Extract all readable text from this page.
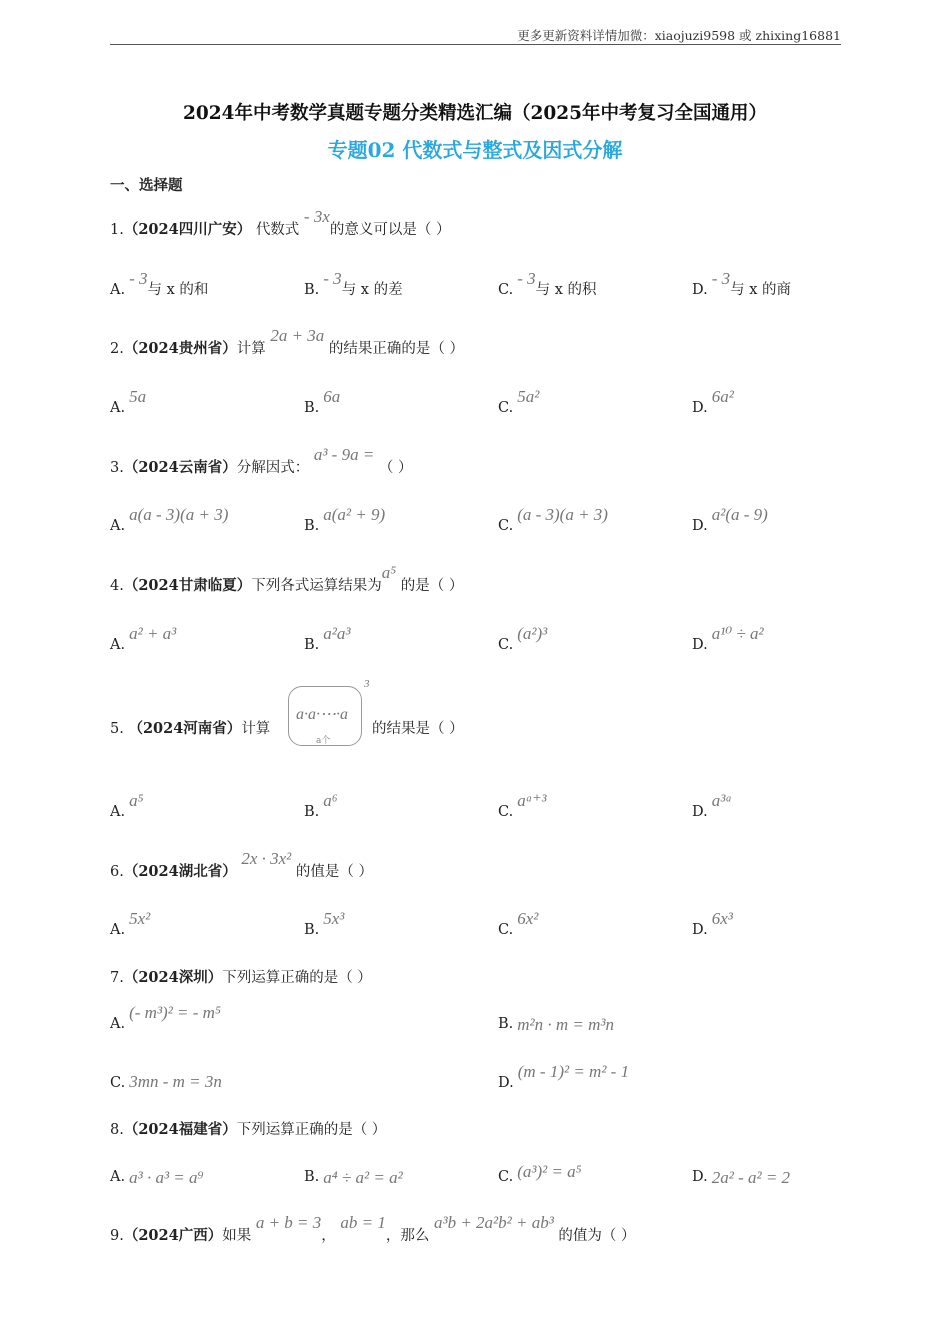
更多更新资料详情加微：xiaojuzi9598 或 zhixing16881
2024年中考数学真题专题分类精选汇编（2025年中考复习全国通用）
专题02 代数式与整式及因式分解
一、选择题
1.（2024四川广安） 代数式 - 3x的意义可以是（ ）
A.- 3与 x 的和	B.- 3与 x 的差	C.- 3与 x 的积	D.- 3与 x 的商
2.（2024贵州省）计算 2a + 3a 的结果正确的是（ ）
A.5a
B.6a
C.5a²
D.6a²
3.（2024云南省）分解因式： a³ - 9a = （ ）
A.a(a - 3)(a + 3)
B.a(a² + 9)
C.(a - 3)(a + 3)
D.a²(a - 9)
4.（2024甘肃临夏）下列各式运算结果为a⁵ 的是（ ）
A.a² + a³
B.a²a³
C.(a²)³
D.a¹⁰ ÷ a²
5. （2024河南省）计算
a·a·⋯·a
a个
3
的结果是（ ）
A.a⁵
B.a⁶
C.aᵃ⁺³
D.a³ᵃ
6.（2024湖北省） 2x · 3x² 的值是（ ）
A.5x²
B.5x³
C.6x²
D.6x³
7.（2024深圳）下列运算正确的是（ ）
A.(- m³)² = - m⁵
B. m²n · m = m³n
C. 3mn - m = 3n	D.(m - 1)² = m² - 1
8.（2024福建省）下列运算正确的是（ ）
A. a³ · a³ = a⁹	B. a⁴ ÷ a² = a²	C. (a³)² = a⁵	D. 2a² - a² = 2
9.（2024广西）如果 a + b = 3， ab = 1，那么 a³b + 2a²b² + ab³ 的值为（ ）
